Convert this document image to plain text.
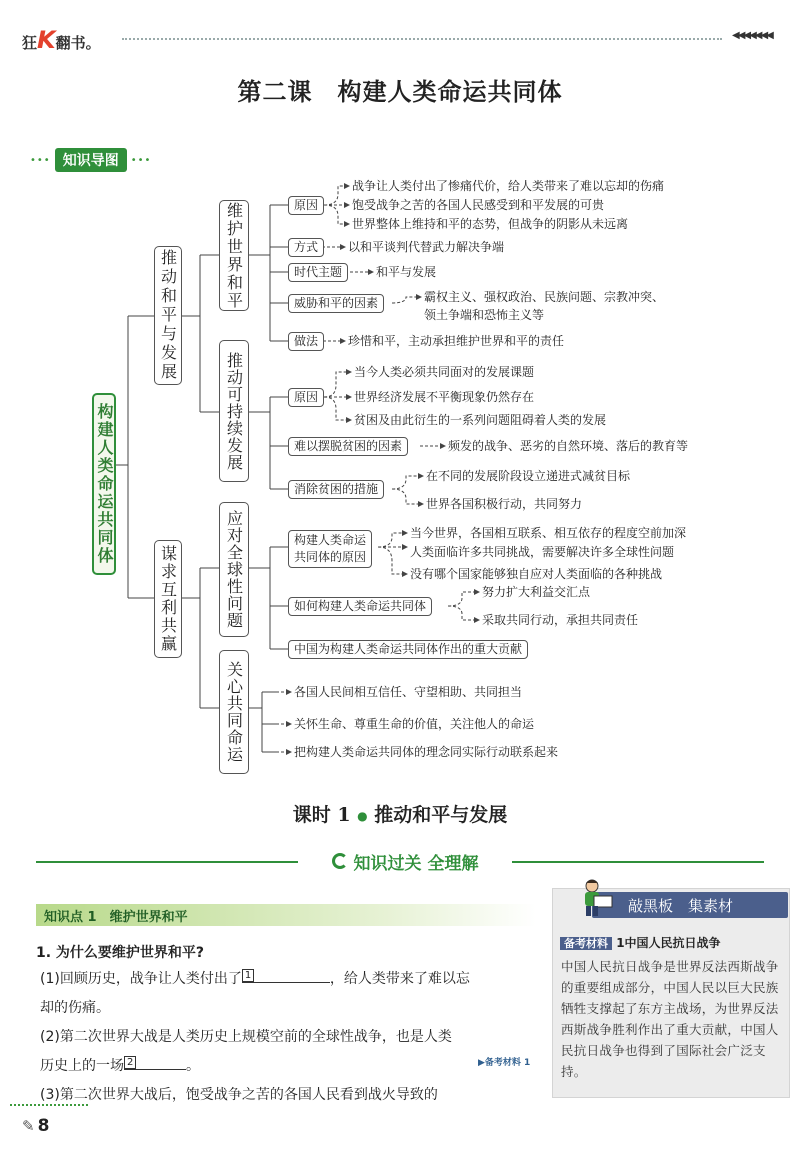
狂K翻书。	◀◀◀◀◀◀◀
第二课　构建人类命运共同体
••• 知识导图	•••
构建人类命运共同体
推动和平与发展
谋求互利共赢
维护世界和平
推动可持续发展
应对全球性问题
关心共同命运
原因
战争让人类付出了惨痛代价，给人类带来了难以忘却的伤痛
饱受战争之苦的各国人民感受到和平发展的可贵
世界整体上维持和平的态势，但战争的阴影从未远离
方式	以和平谈判代替武力解决争端
时代主题	和平与发展
威胁和平的因素	霸权主义、强权政治、民族问题、宗教冲突、
领土争端和恐怖主义等
做法	珍惜和平，主动承担维护世界和平的责任
原因
当今人类必须共同面对的发展课题
世界经济发展不平衡现象仍然存在
贫困及由此衍生的一系列问题阻碍着人类的发展
难以摆脱贫困的因素	频发的战争、恶劣的自然环境、落后的教育等
消除贫困的措施
在不同的发展阶段设立递进式减贫目标
世界各国积极行动，共同努力
构建人类命运
共同体的原因
当今世界，各国相互联系、相互依存的程度空前加深
人类面临许多共同挑战，需要解决许多全球性问题
没有哪个国家能够独自应对人类面临的各种挑战
如何构建人类命运共同体
努力扩大利益交汇点
采取共同行动，承担共同责任
中国为构建人类命运共同体作出的重大贡献
各国人民间相互信任、守望相助、共同担当
关怀生命、尊重生命的价值，关注他人的命运
把构建人类命运共同体的理念同实际行动联系起来
课时 1 ● 推动和平与发展
知识过关 全理解
知识点 1　维护世界和平
1. 为什么要维护世界和平?
(1)回顾历史，战争让人类付出了 1	，给人类带来了难以忘
却的伤痛。
(2)第二次世界大战是人类历史上规模空前的全球性战争，也是人类
历史上的一场 2	。
(3)第二次世界大战后，饱受战争之苦的各国人民看到战火导致的
▶备考材料 1
敲黑板　集素材
备考材料 1中国人民抗日战争
中国人民抗日战争是世界反法西斯战争的重要组成部分，中国人民以巨大民族牺牲支撑起了东方主战场，为世界反法西斯战争胜利作出了重大贡献，中国人民抗日战争也得到了国际社会广泛支持。
✎ 8
